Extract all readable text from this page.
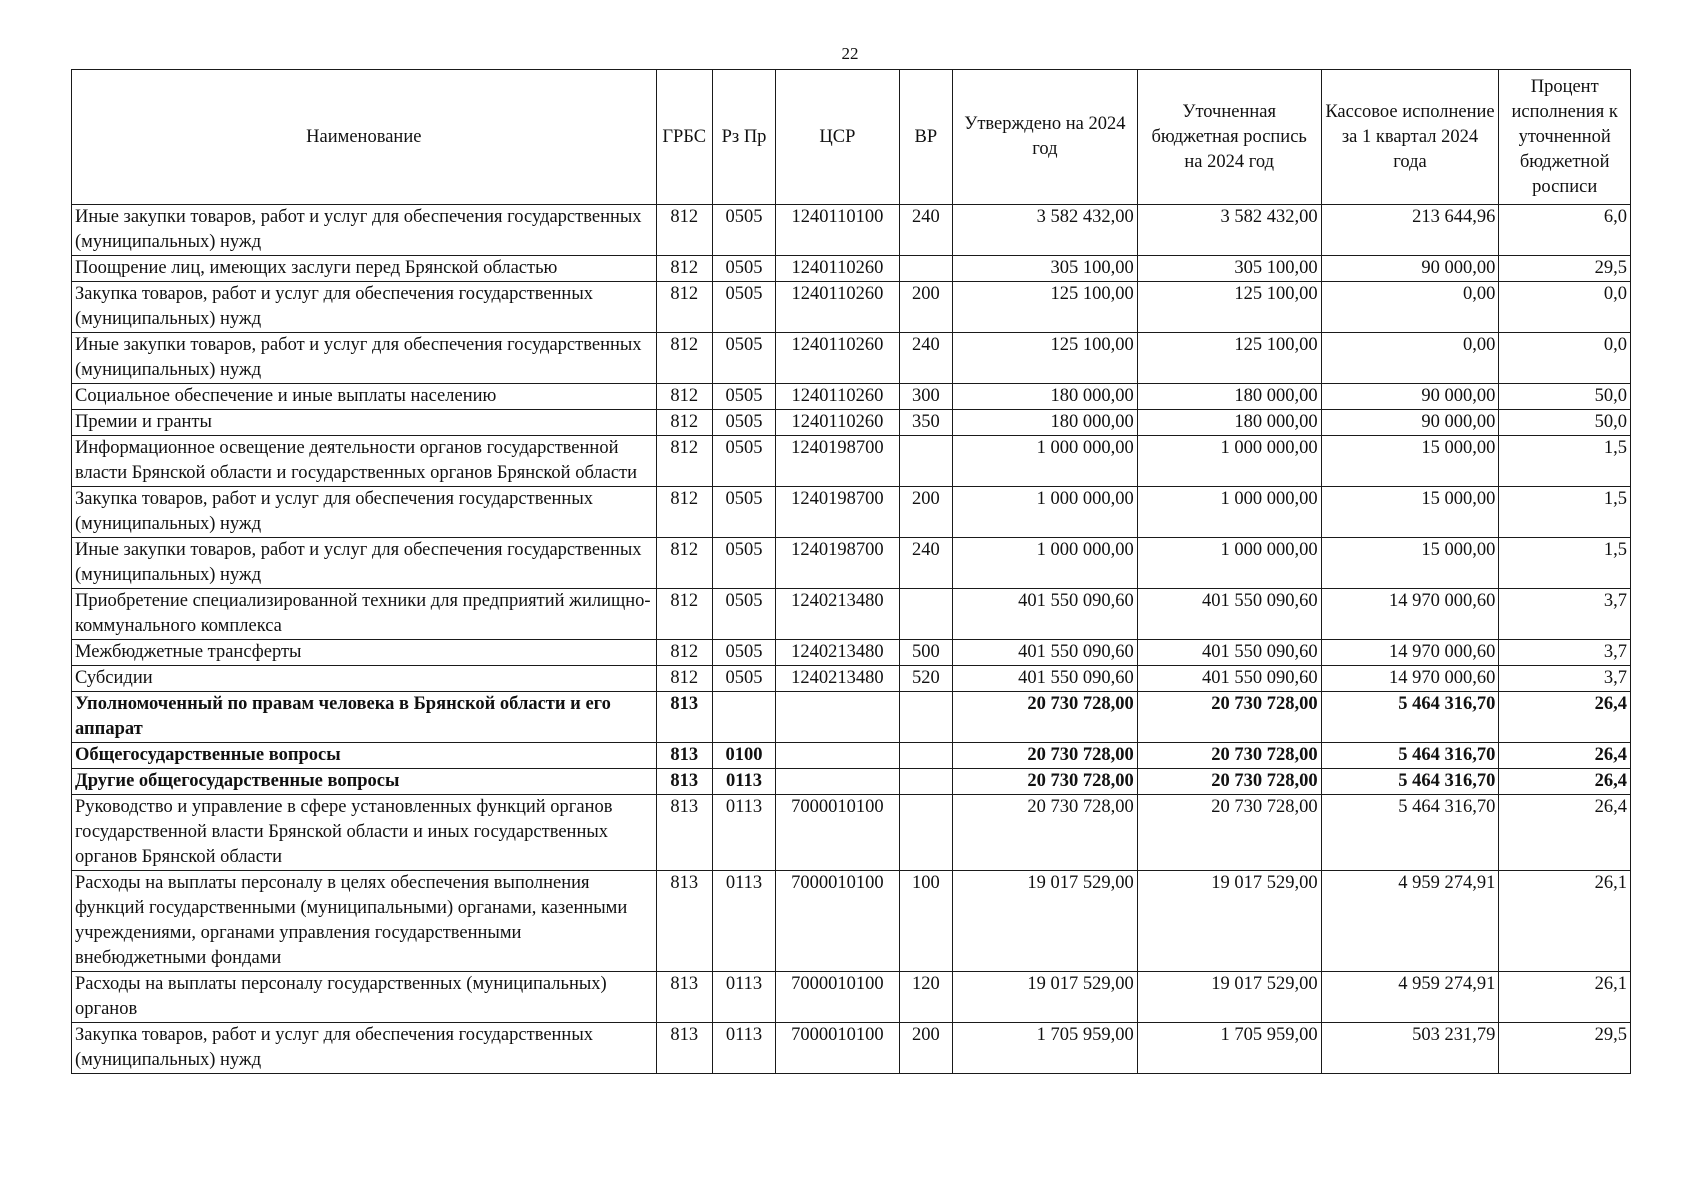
22
Наименование	ГРБС	Рз Пр	ЦСР	ВР	Утверждено на 2024 год	Уточненная бюджетная роспись на 2024 год	Кассовое исполнение за 1 квартал 2024 года	Процент исполнения к уточненной бюджетной росписи
Иные закупки товаров, работ и услуг для обеспечения государственных (муниципальных) нужд	812	0505	1240110100	240	3 582 432,00	3 582 432,00	213 644,96	6,0
Поощрение лиц, имеющих заслуги перед Брянской областью	812	0505	1240110260		305 100,00	305 100,00	90 000,00	29,5
Закупка товаров, работ и услуг для обеспечения государственных (муниципальных) нужд	812	0505	1240110260	200	125 100,00	125 100,00	0,00	0,0
Иные закупки товаров, работ и услуг для обеспечения государственных (муниципальных) нужд	812	0505	1240110260	240	125 100,00	125 100,00	0,00	0,0
Социальное обеспечение и иные выплаты населению	812	0505	1240110260	300	180 000,00	180 000,00	90 000,00	50,0
Премии и гранты	812	0505	1240110260	350	180 000,00	180 000,00	90 000,00	50,0
Информационное освещение деятельности органов государственной власти Брянской области и государственных органов Брянской области	812	0505	1240198700		1 000 000,00	1 000 000,00	15 000,00	1,5
Закупка товаров, работ и услуг для обеспечения государственных (муниципальных) нужд	812	0505	1240198700	200	1 000 000,00	1 000 000,00	15 000,00	1,5
Иные закупки товаров, работ и услуг для обеспечения государственных (муниципальных) нужд	812	0505	1240198700	240	1 000 000,00	1 000 000,00	15 000,00	1,5
Приобретение специализированной техники для предприятий жилищно-коммунального комплекса	812	0505	1240213480		401 550 090,60	401 550 090,60	14 970 000,60	3,7
Межбюджетные трансферты	812	0505	1240213480	500	401 550 090,60	401 550 090,60	14 970 000,60	3,7
Субсидии	812	0505	1240213480	520	401 550 090,60	401 550 090,60	14 970 000,60	3,7
Уполномоченный по правам человека в Брянской области и его аппарат	813				20 730 728,00	20 730 728,00	5 464 316,70	26,4
Общегосударственные вопросы	813	0100			20 730 728,00	20 730 728,00	5 464 316,70	26,4
Другие общегосударственные вопросы	813	0113			20 730 728,00	20 730 728,00	5 464 316,70	26,4
Руководство и управление в сфере установленных функций органов государственной власти Брянской области и иных государственных органов Брянской области	813	0113	7000010100		20 730 728,00	20 730 728,00	5 464 316,70	26,4
Расходы на выплаты персоналу в целях обеспечения выполнения функций государственными (муниципальными) органами, казенными учреждениями, органами управления государственными внебюджетными фондами	813	0113	7000010100	100	19 017 529,00	19 017 529,00	4 959 274,91	26,1
Расходы на выплаты персоналу государственных (муниципальных) органов	813	0113	7000010100	120	19 017 529,00	19 017 529,00	4 959 274,91	26,1
Закупка товаров, работ и услуг для обеспечения государственных (муниципальных) нужд	813	0113	7000010100	200	1 705 959,00	1 705 959,00	503 231,79	29,5
